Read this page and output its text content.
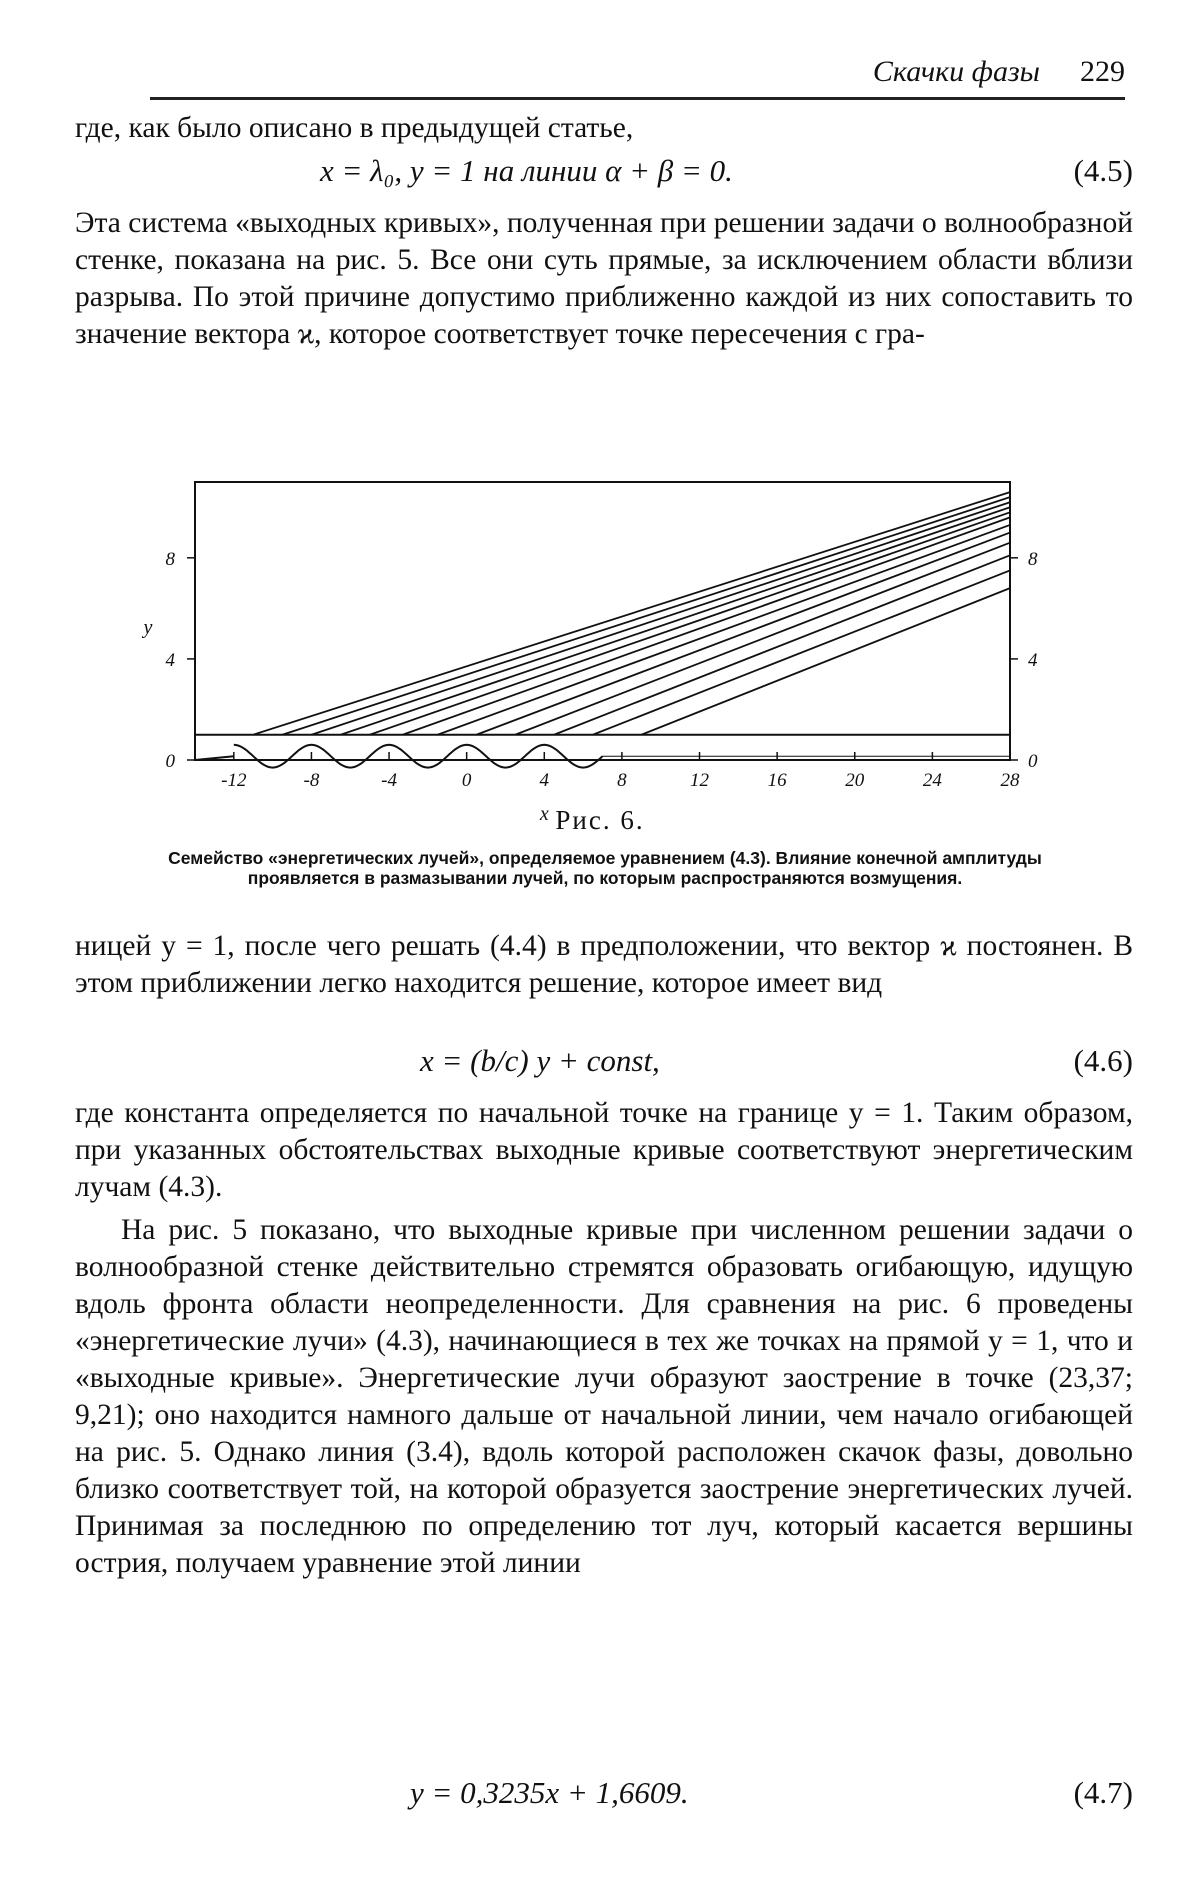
Скачки фазы 229

где, как было описано в предыдущей статье,

x = λ₀, y = 1 на линии α + β = 0.	(4.5)

Эта система «выходных кривых», полученная при решении задачи о волнообразной стенке, показана на рис. 5. Все они суть прямые, за исключением области вблизи разрыва. По этой причине допустимо приближенно каждой из них сопоставить то значение вектора ϰ, которое соответствует точке пересечения с гра-

-12	-8	-4	0	4	8	12	16	20	24	28
x
0
4
8
y
0
4
8
Рис. 6.
Семейство «энергетических лучей», определяемое уравнением (4.3). Влияние конечной амплитуды проявляется в размазывании лучей, по которым распространяются возмущения.

ницей y = 1, после чего решать (4.4) в предположении, что вектор ϰ постоянен. В этом приближении легко находится решение, которое имеет вид

x = (b/c) y + const,	(4.6)

где константа определяется по начальной точке на границе y = 1. Таким образом, при указанных обстоятельствах выходные кривые соответствуют энергетическим лучам (4.3).

На рис. 5 показано, что выходные кривые при численном решении задачи о волнообразной стенке действительно стремятся образовать огибающую, идущую вдоль фронта области неопределенности. Для сравнения на рис. 6 проведены «энергетические лучи» (4.3), начинающиеся в тех же точках на прямой y = 1, что и «выходные кривые». Энергетические лучи образуют заострение в точке (23,37; 9,21); оно находится намного дальше от начальной линии, чем начало огибающей на рис. 5. Однако линия (3.4), вдоль которой расположен скачок фазы, довольно близко соответствует той, на которой образуется заострение энергетических лучей. Принимая за последнюю по определению тот луч, который касается вершины острия, получаем уравнение этой линии

y = 0,3235x + 1,6609.	(4.7)
